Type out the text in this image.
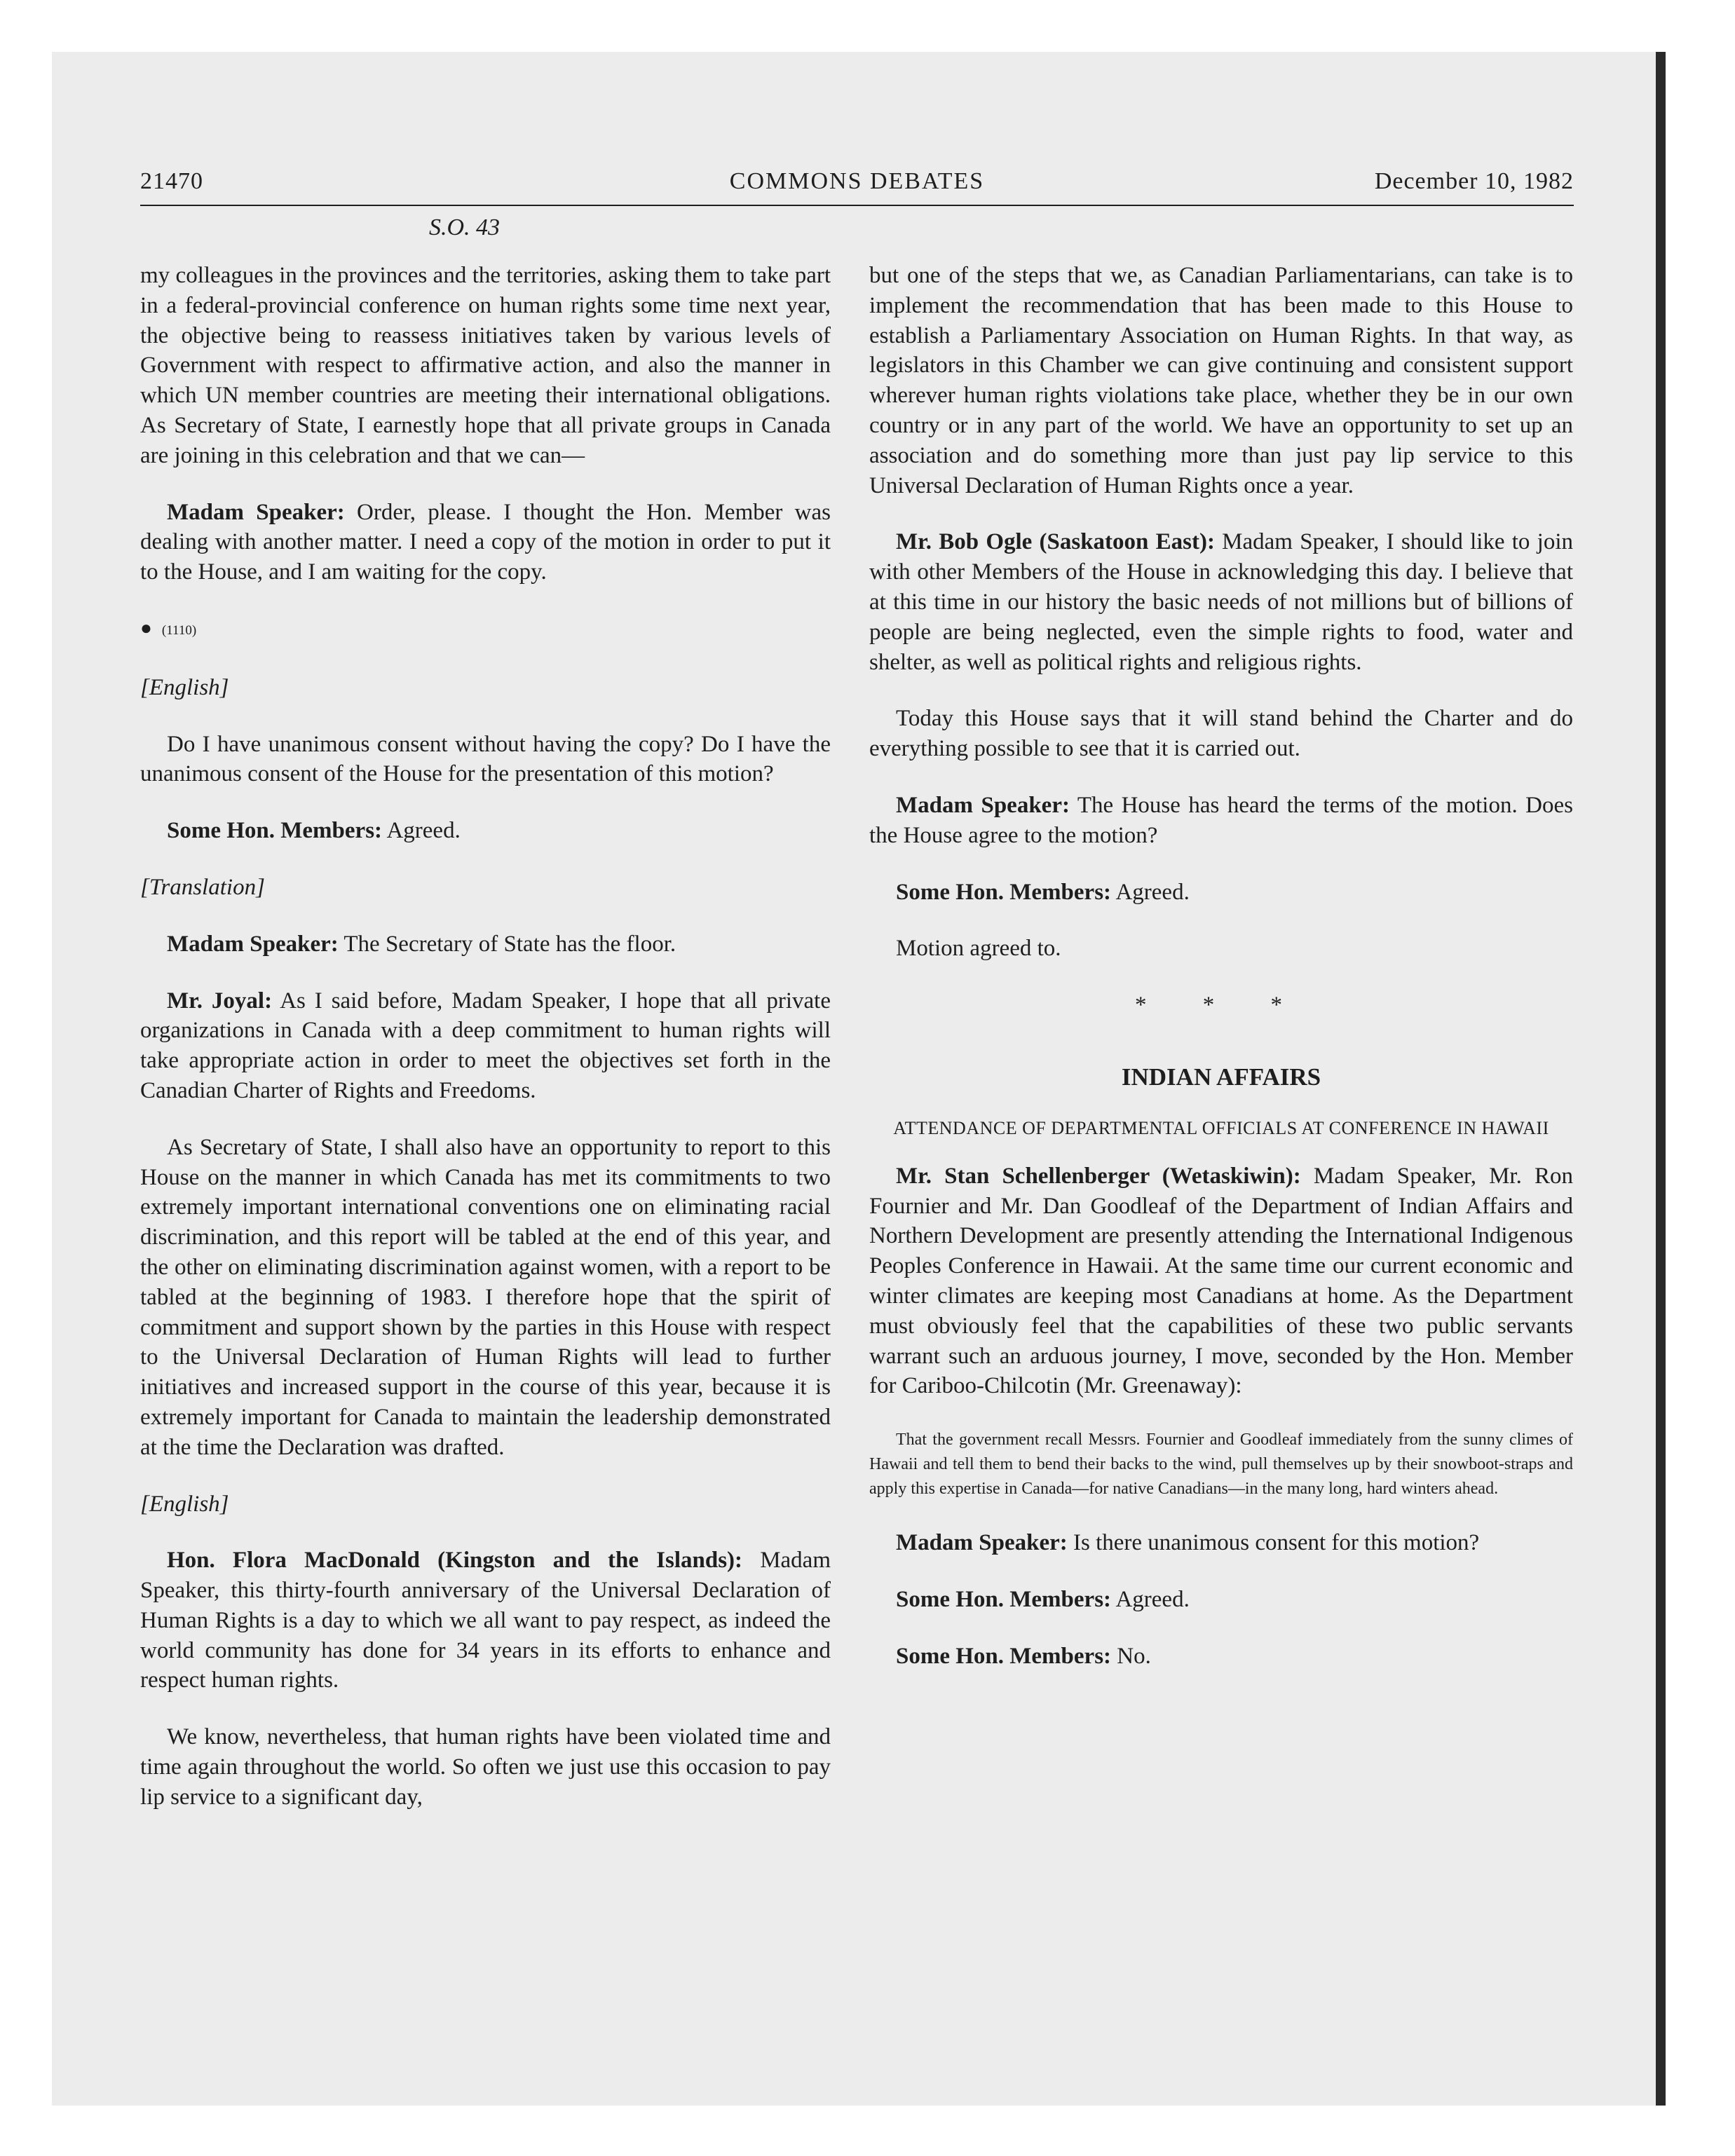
21470	COMMONS DEBATES	December 10, 1982
S.O. 43

my colleagues in the provinces and the territories, asking them to take part in a federal-provincial conference on human rights some time next year, the objective being to reassess initiatives taken by various levels of Government with respect to affirmative action, and also the manner in which UN member countries are meeting their international obligations. As Secretary of State, I earnestly hope that all private groups in Canada are joining in this celebration and that we can—

Madam Speaker: Order, please. I thought the Hon. Member was dealing with another matter. I need a copy of the motion in order to put it to the House, and I am waiting for the copy.

● (1110)

[English]

Do I have unanimous consent without having the copy? Do I have the unanimous consent of the House for the presentation of this motion?

Some Hon. Members: Agreed.

[Translation]

Madam Speaker: The Secretary of State has the floor.

Mr. Joyal: As I said before, Madam Speaker, I hope that all private organizations in Canada with a deep commitment to human rights will take appropriate action in order to meet the objectives set forth in the Canadian Charter of Rights and Freedoms.

As Secretary of State, I shall also have an opportunity to report to this House on the manner in which Canada has met its commitments to two extremely important international conventions one on eliminating racial discrimination, and this report will be tabled at the end of this year, and the other on eliminating discrimination against women, with a report to be tabled at the beginning of 1983. I therefore hope that the spirit of commitment and support shown by the parties in this House with respect to the Universal Declaration of Human Rights will lead to further initiatives and increased support in the course of this year, because it is extremely important for Canada to maintain the leadership demonstrated at the time the Declaration was drafted.

[English]

Hon. Flora MacDonald (Kingston and the Islands): Madam Speaker, this thirty-fourth anniversary of the Universal Declaration of Human Rights is a day to which we all want to pay respect, as indeed the world community has done for 34 years in its efforts to enhance and respect human rights.

We know, nevertheless, that human rights have been violated time and time again throughout the world. So often we just use this occasion to pay lip service to a significant day,

but one of the steps that we, as Canadian Parliamentarians, can take is to implement the recommendation that has been made to this House to establish a Parliamentary Association on Human Rights. In that way, as legislators in this Chamber we can give continuing and consistent support wherever human rights violations take place, whether they be in our own country or in any part of the world. We have an opportunity to set up an association and do something more than just pay lip service to this Universal Declaration of Human Rights once a year.

Mr. Bob Ogle (Saskatoon East): Madam Speaker, I should like to join with other Members of the House in acknowledging this day. I believe that at this time in our history the basic needs of not millions but of billions of people are being neglected, even the simple rights to food, water and shelter, as well as political rights and religious rights.

Today this House says that it will stand behind the Charter and do everything possible to see that it is carried out.

Madam Speaker: The House has heard the terms of the motion. Does the House agree to the motion?

Some Hon. Members: Agreed.

Motion agreed to.

* * *

INDIAN AFFAIRS

ATTENDANCE OF DEPARTMENTAL OFFICIALS AT CONFERENCE IN HAWAII

Mr. Stan Schellenberger (Wetaskiwin): Madam Speaker, Mr. Ron Fournier and Mr. Dan Goodleaf of the Department of Indian Affairs and Northern Development are presently attending the International Indigenous Peoples Conference in Hawaii. At the same time our current economic and winter climates are keeping most Canadians at home. As the Department must obviously feel that the capabilities of these two public servants warrant such an arduous journey, I move, seconded by the Hon. Member for Cariboo-Chilcotin (Mr. Greenaway):

That the government recall Messrs. Fournier and Goodleaf immediately from the sunny climes of Hawaii and tell them to bend their backs to the wind, pull themselves up by their snowboot-straps and apply this expertise in Canada—for native Canadians—in the many long, hard winters ahead.

Madam Speaker: Is there unanimous consent for this motion?

Some Hon. Members: Agreed.

Some Hon. Members: No.
